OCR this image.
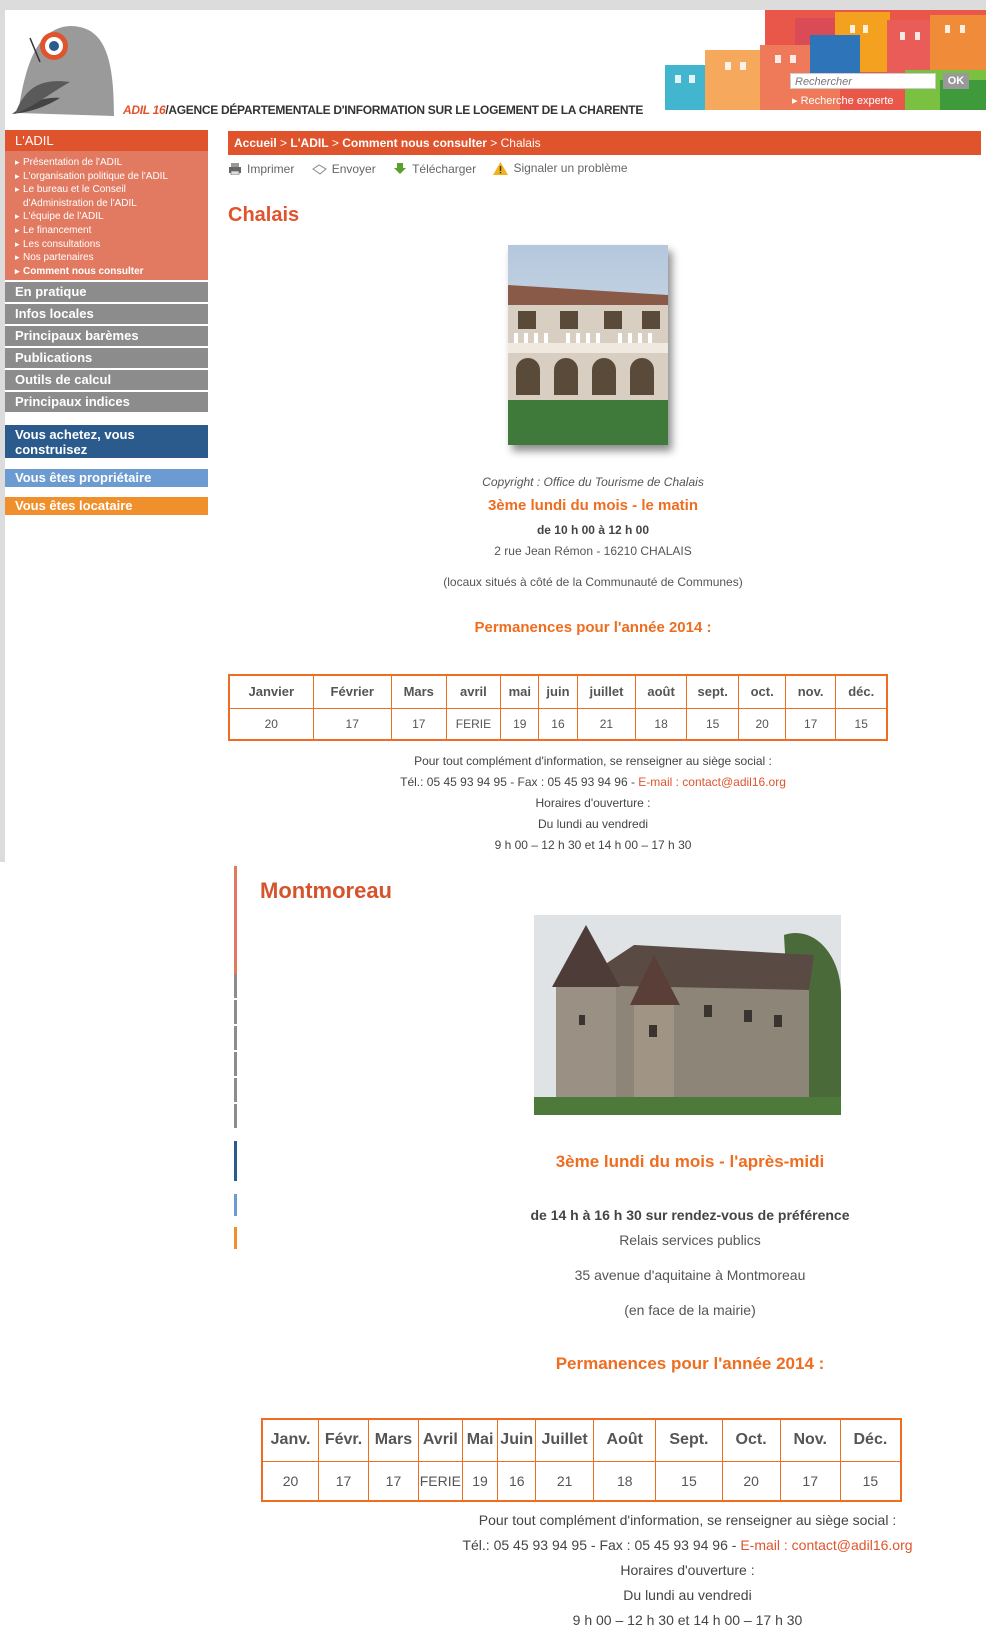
ADIL 16/AGENCE DÉPARTEMENTALE D'INFORMATION SUR LE LOGEMENT DE LA CHARENTE
Rechercher	OK
▸ Recherche experte
L'ADIL
▸ Présentation de l'ADIL
▸ L'organisation politique de l'ADIL
▸ Le bureau et le Conseil
d'Administration de l'ADIL
▸ L'équipe de l'ADIL
▸ Le financement
▸ Les consultations
▸ Nos partenaires
▸ Comment nous consulter
En pratique
Infos locales
Principaux barèmes
Publications
Outils de calcul
Principaux indices
Vous achetez, vous construisez
Vous êtes propriétaire
Vous êtes locataire
Accueil > L'ADIL > Comment nous consulter > Chalais
Imprimer
	Envoyer
	Télécharger
	Signaler un problème
Chalais
Copyright : Office du Tourisme de Chalais
3ème lundi du mois - le matin
de 10 h 00 à 12 h 00
2 rue Jean Rémon - 16210 CHALAIS
(locaux situés à côté de la Communauté de Communes)
Permanences pour l'année 2014 :
Janvier	Février	Mars	avril	mai	juin	juillet	août	sept.	oct.	nov.	déc.
20	17	17	FERIE	19	16	21	18	15	20	17	15
Pour tout complément d'information, se renseigner au siège social :
Tél.: 05 45 93 94 95 - Fax : 05 45 93 94 96 - E-mail : contact@adil16.org
Horaires d'ouverture :
Du lundi au vendredi
9 h 00 – 12 h 30 et 14 h 00 – 17 h 30
Montmoreau
3ème lundi du mois - l'après-midi
de 14 h à 16 h 30 sur rendez-vous de préférence
Relais services publics
35 avenue d'aquitaine à Montmoreau
(en face de la mairie)
Permanences pour l'année 2014 :
Janv.	Févr.	Mars	Avril	Mai	Juin	Juillet	Août	Sept.	Oct.	Nov.	Déc.
20	17	17	FERIE	19	16	21	18	15	20	17	15
Pour tout complément d'information, se renseigner au siège social :
Tél.: 05 45 93 94 95 - Fax : 05 45 93 94 96 - E-mail : contact@adil16.org
Horaires d'ouverture :
Du lundi au vendredi
9 h 00 – 12 h 30 et 14 h 00 – 17 h 30
